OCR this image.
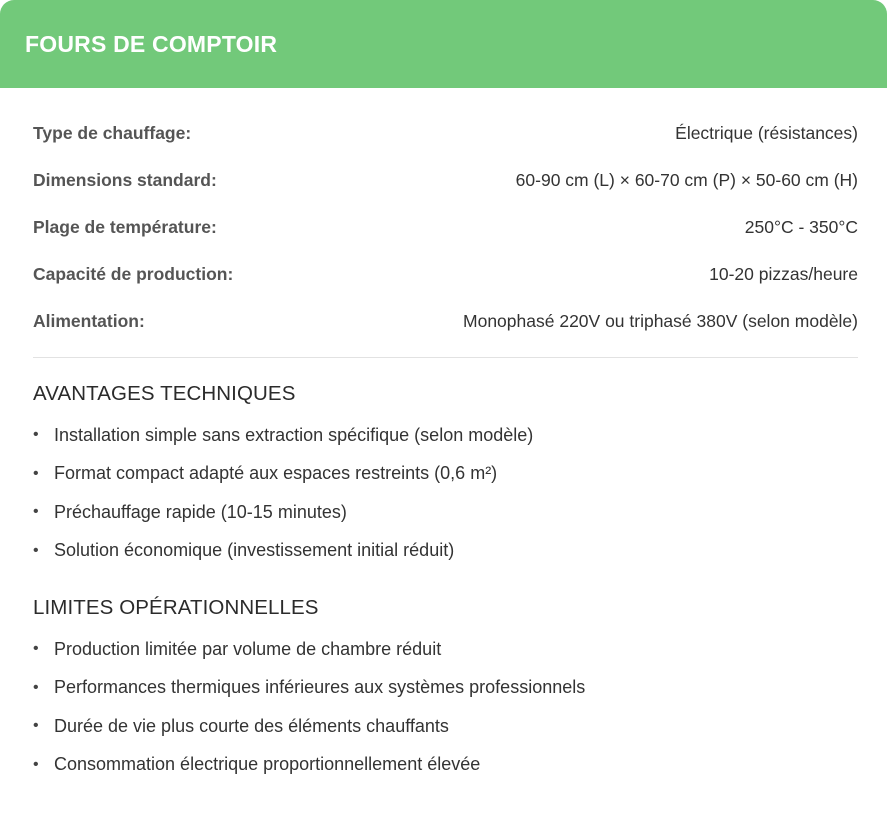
FOURS DE COMPTOIR
Type de chauffage:	Électrique (résistances)
Dimensions standard:	60-90 cm (L) × 60-70 cm (P) × 50-60 cm (H)
Plage de température:	250°C - 350°C
Capacité de production:	10-20 pizzas/heure
Alimentation:	Monophasé 220V ou triphasé 380V (selon modèle)
AVANTAGES TECHNIQUES
• Installation simple sans extraction spécifique (selon modèle)
• Format compact adapté aux espaces restreints (0,6 m²)
• Préchauffage rapide (10-15 minutes)
• Solution économique (investissement initial réduit)
LIMITES OPÉRATIONNELLES
• Production limitée par volume de chambre réduit
• Performances thermiques inférieures aux systèmes professionnels
• Durée de vie plus courte des éléments chauffants
• Consommation électrique proportionnellement élevée
